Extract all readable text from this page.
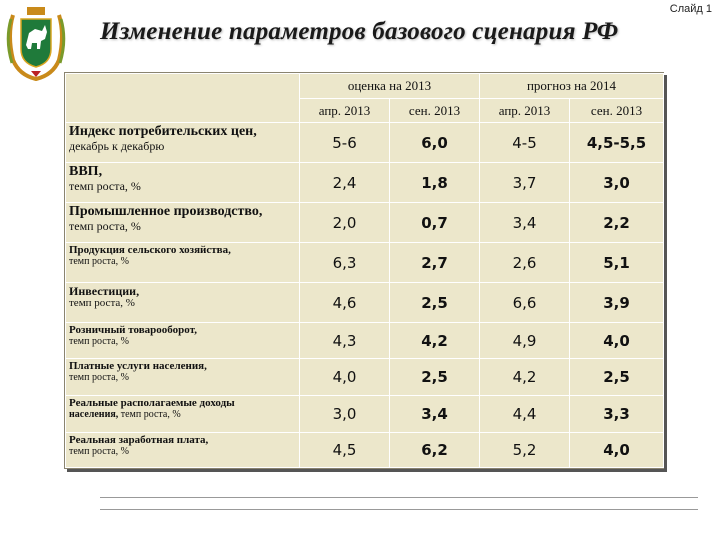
Слайд 1
Изменение параметров базового сценария РФ
	оценка на 2013		прогноз на 2014	
	апр. 2013	сен. 2013	апр. 2013	сен. 2013

Индекс потребительских цен,
декабрь к декабрю	5-6	6,0	4-5	4,5-5,5

ВВП,
темп роста, %	2,4	1,8	3,7	3,0

Промышленное производство,
темп роста, %	2,0	0,7	3,4	2,2

Продукция сельского хозяйства,
темп роста, %	6,3	2,7	2,6	5,1

Инвестиции,
темп роста, %	4,6	2,5	6,6	3,9

Розничный товарооборот,
темп роста, %	4,3	4,2	4,9	4,0

Платные услуги населения,
темп роста, %	4,0	2,5	4,2	2,5

Реальные располагаемые доходы
населения, темп роста, %	3,0	3,4	4,4	3,3

Реальная заработная плата,
темп роста, %	4,5	6,2	5,2	4,0
